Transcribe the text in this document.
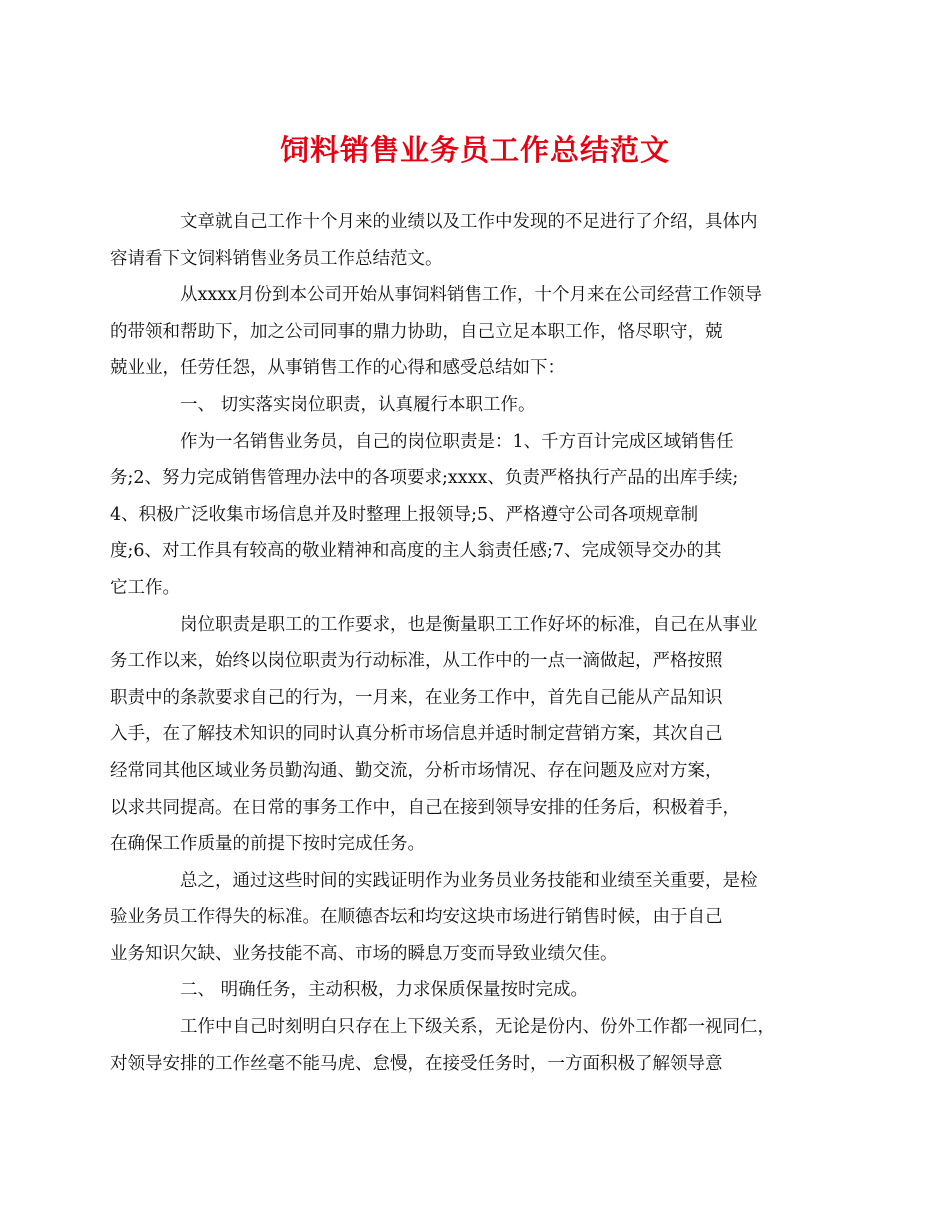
饲料销售业务员工作总结范文

文章就自己工作十个月来的业绩以及工作中发现的不足进行了介绍，具体内
容请看下文饲料销售业务员工作总结范文。

从xxxx月份到本公司开始从事饲料销售工作，十个月来在公司经营工作领导
的带领和帮助下，加之公司同事的鼎力协助，自己立足本职工作，恪尽职守，兢
兢业业，任劳任怨，从事销售工作的心得和感受总结如下：

一、 切实落实岗位职责，认真履行本职工作。

作为一名销售业务员，自己的岗位职责是：1、千方百计完成区域销售任
务;2、努力完成销售管理办法中的各项要求;xxxx、负责严格执行产品的出库手续;
4、积极广泛收集市场信息并及时整理上报领导;5、严格遵守公司各项规章制
度;6、对工作具有较高的敬业精神和高度的主人翁责任感;7、完成领导交办的其
它工作。

岗位职责是职工的工作要求，也是衡量职工工作好坏的标准，自己在从事业
务工作以来，始终以岗位职责为行动标准，从工作中的一点一滴做起，严格按照
职责中的条款要求自己的行为，一月来，在业务工作中，首先自己能从产品知识
入手，在了解技术知识的同时认真分析市场信息并适时制定营销方案，其次自己
经常同其他区域业务员勤沟通、勤交流，分析市场情况、存在问题及应对方案，
以求共同提高。在日常的事务工作中，自己在接到领导安排的任务后，积极着手，
在确保工作质量的前提下按时完成任务。

总之，通过这些时间的实践证明作为业务员业务技能和业绩至关重要，是检
验业务员工作得失的标准。在顺德杏坛和均安这块市场进行销售时候，由于自己
业务知识欠缺、业务技能不高、市场的瞬息万变而导致业绩欠佳。

二、 明确任务，主动积极，力求保质保量按时完成。

工作中自己时刻明白只存在上下级关系，无论是份内、份外工作都一视同仁，
对领导安排的工作丝毫不能马虎、怠慢，在接受任务时，一方面积极了解领导意
